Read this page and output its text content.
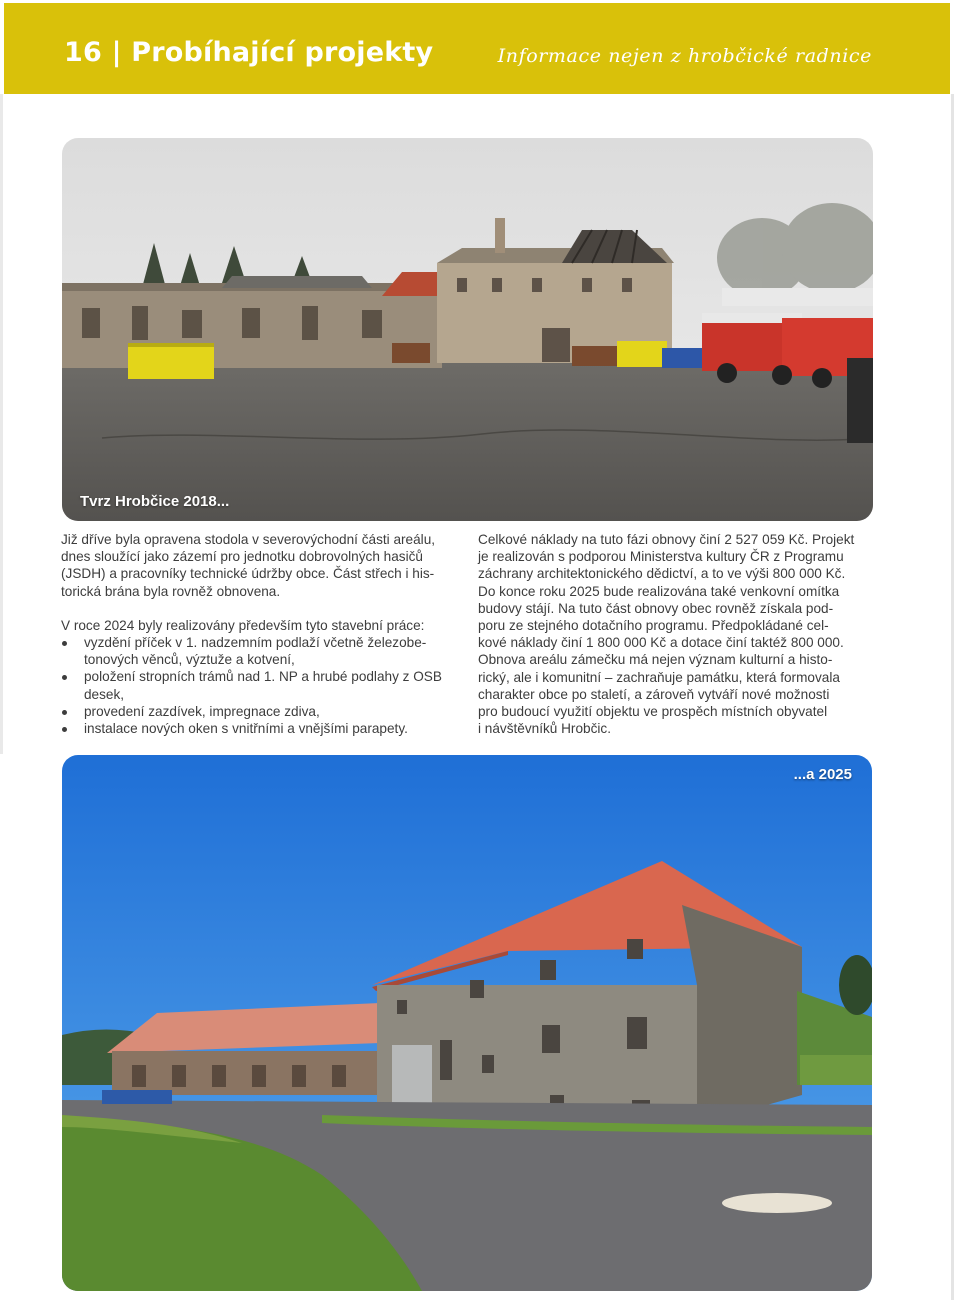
16 | Probíhající projekty	Informace nejen z hrobčické radnice
Tvrz Hrobčice 2018...

Již dříve byla opravena stodola v severovýchodní části areálu,

dnes sloužící jako zázemí pro jednotku dobrovolných hasičů

(JSDH) a pracovníky technické údržby obce. Část střech i his-

torická brána byla rovněž obnovena.

V roce 2024 byly realizovány především tyto stavební práce:

vyzdění příček v 1. nadzemním podlaží včetně železobe-
tonových věnců, výztuže a kotvení,
položení stropních trámů nad 1. NP a hrubé podlahy z OSB
desek,
provedení zazdívek, impregnace zdiva,
instalace nových oken s vnitřními a vnějšími parapety.

Celkové náklady na tuto fázi obnovy činí 2 527 059 Kč. Projekt

je realizován s podporou Ministerstva kultury ČR z Programu

záchrany architektonického dědictví, a to ve výši 800 000 Kč.

Do konce roku 2025 bude realizována také venkovní omítka

budovy stájí. Na tuto část obnovy obec rovněž získala pod-

poru ze stejného dotačního programu. Předpokládané cel-

kové náklady činí 1 800 000 Kč a dotace činí taktéž 800 000.

Obnova areálu zámečku má nejen význam kulturní a histo-

rický, ale i komunitní – zachraňuje památku, která formovala

charakter obce po staletí, a zároveň vytváří nové možnosti

pro budoucí využití objektu ve prospěch místních obyvatel

i návštěvníků Hrobčic.

...a 2025
